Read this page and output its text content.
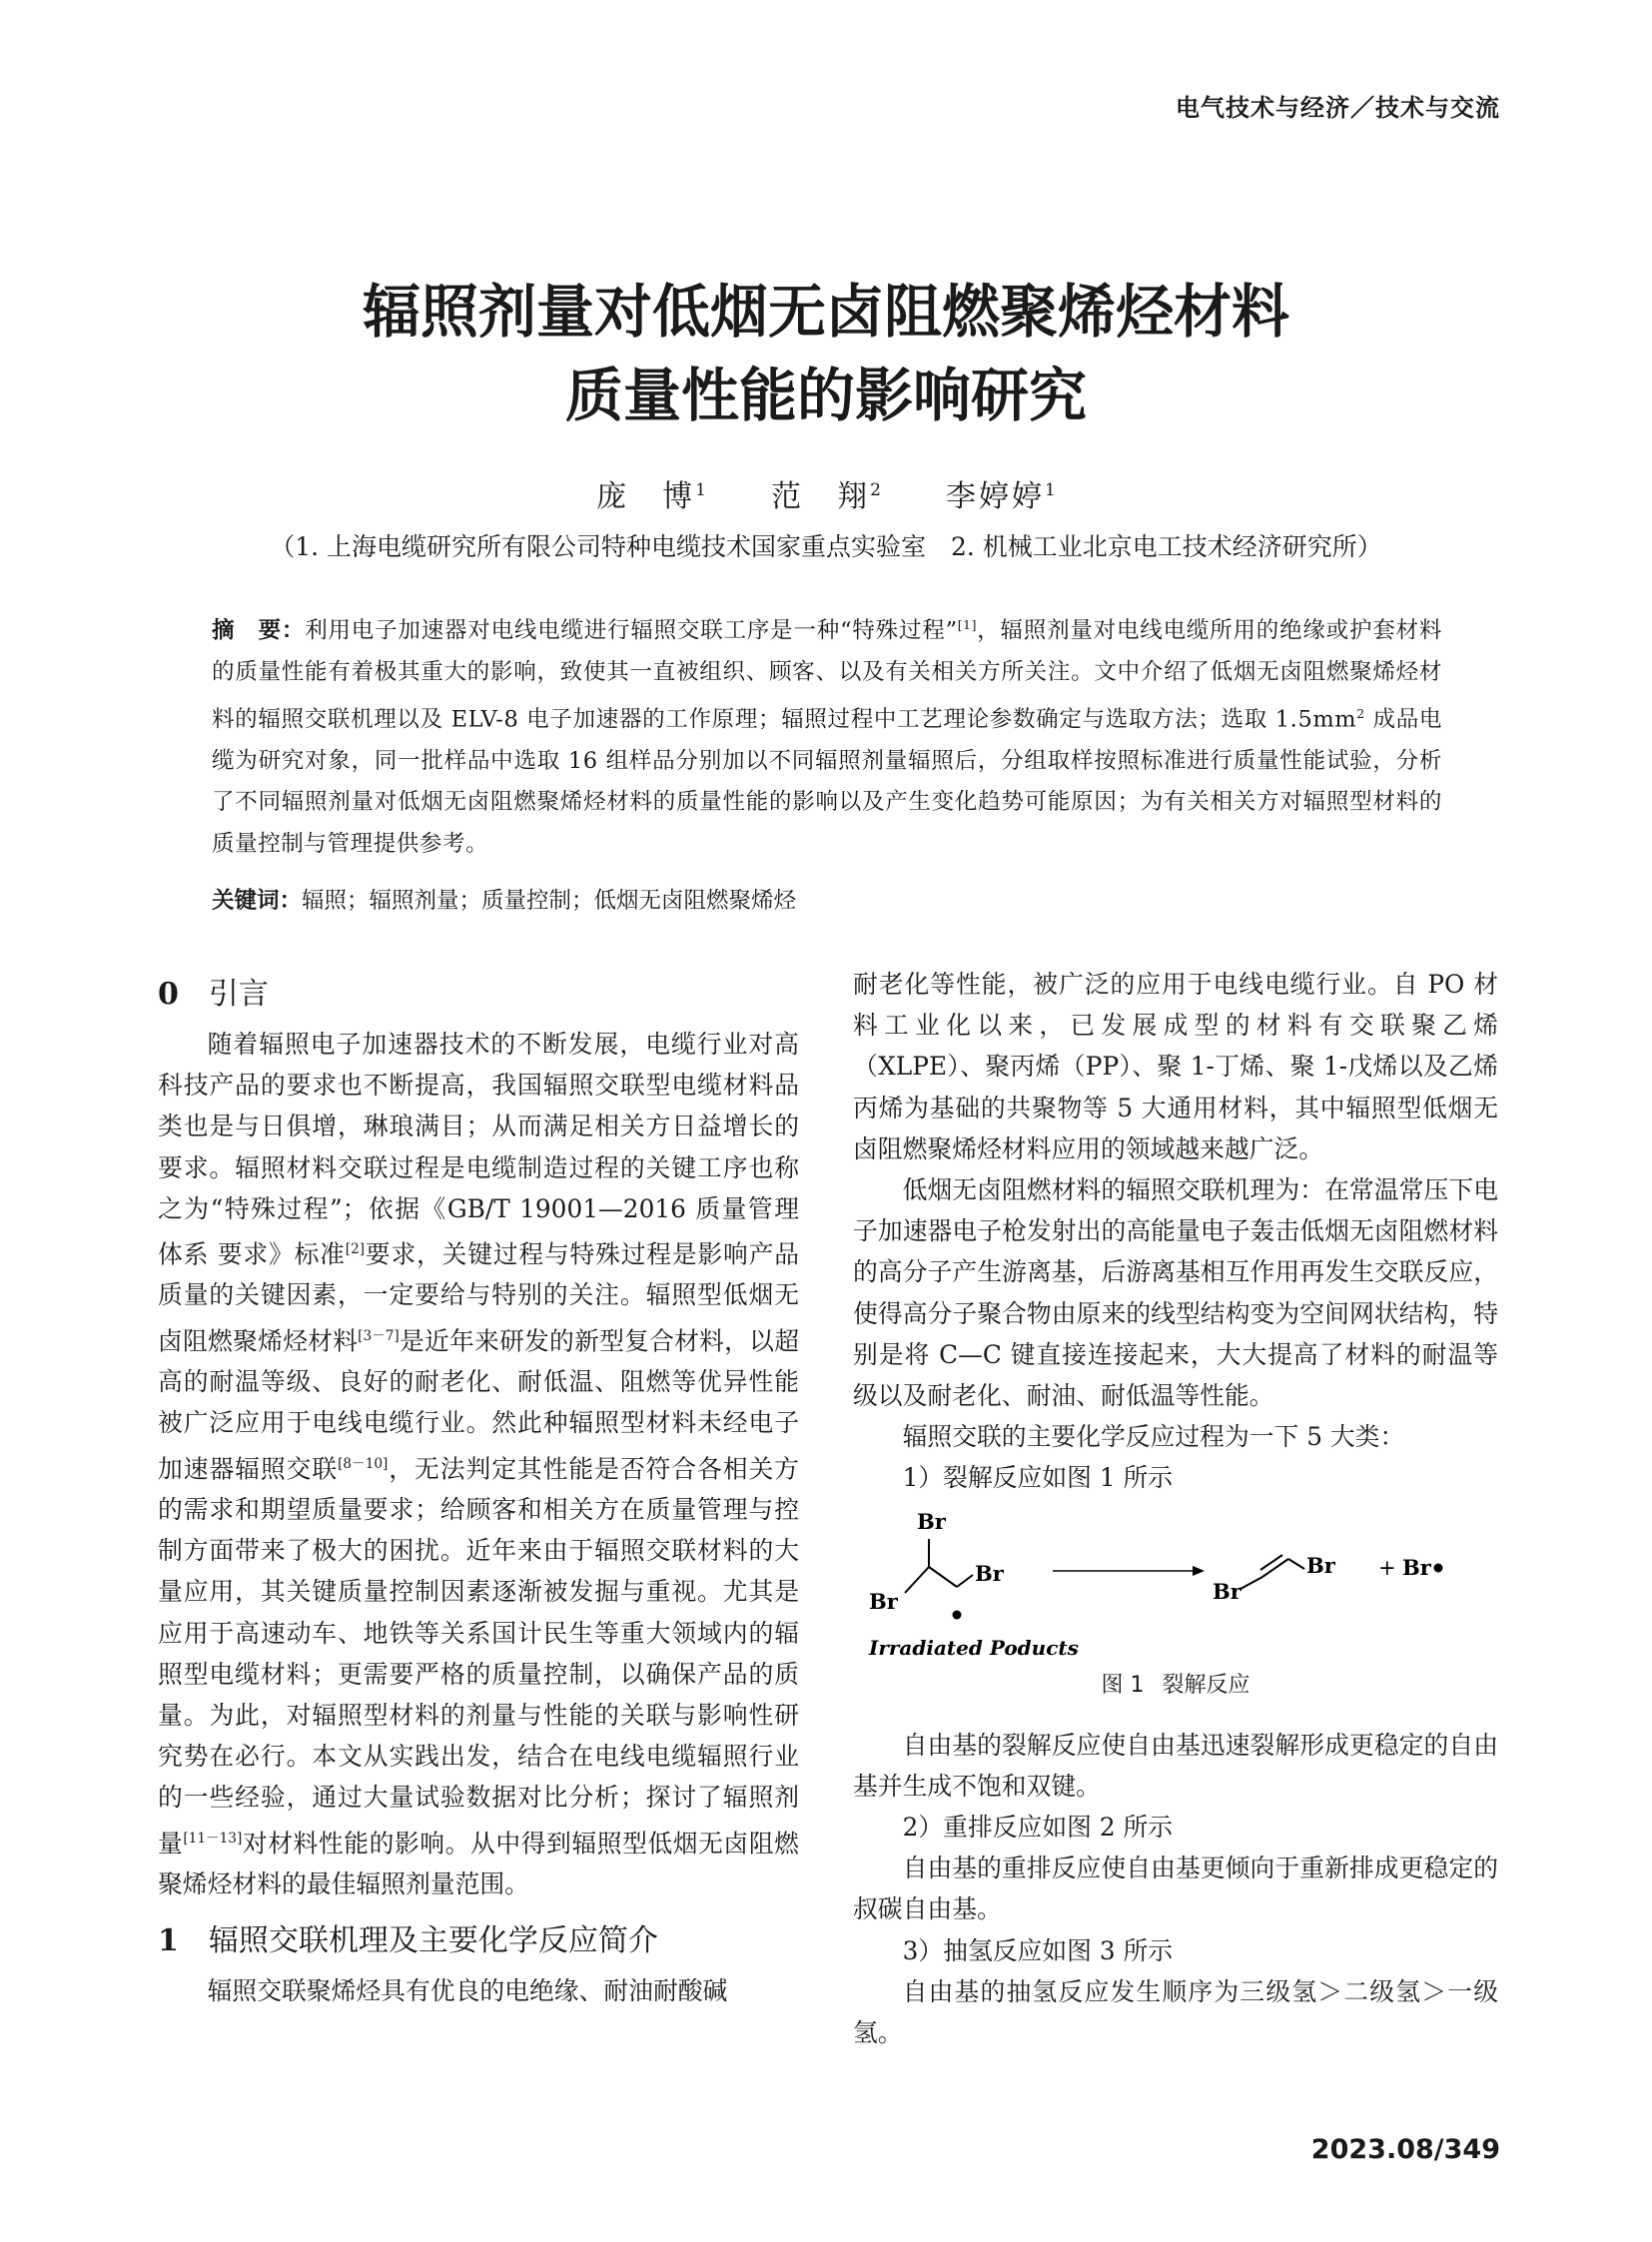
电气技术与经济／技术与交流
辐照剂量对低烟无卤阻燃聚烯烃材料
质量性能的影响研究
庞　博$^1$ 范　翔$^2$ 李婷婷$^1$
（1. 上海电缆研究所有限公司特种电缆技术国家重点实验室　2. 机械工业北京电工技术经济研究所）
摘　要：利用电子加速器对电线电缆进行辐照交联工序是一种“特殊过程”[1]，辐照剂量对电线电缆所用的绝缘或护套材料的质量性能有着极其重大的影响，致使其一直被组织、顾客、以及有关相关方所关注。文中介绍了低烟无卤阻燃聚烯烃材料的辐照交联机理以及 ELV-8 电子加速器的工作原理；辐照过程中工艺理论参数确定与选取方法；选取 $1.5mm^2$ 成品电缆为研究对象，同一批样品中选取 16 组样品分别加以不同辐照剂量辐照后，分组取样按照标准进行质量性能试验，分析了不同辐照剂量对低烟无卤阻燃聚烯烃材料的质量性能的影响以及产生变化趋势可能原因；为有关相关方对辐照型材料的质量控制与管理提供参考。
关键词：辐照；辐照剂量；质量控制；低烟无卤阻燃聚烯烃
0 引言

随着辐照电子加速器技术的不断发展，电缆行业对高科技产品的要求也不断提高，我国辐照交联型电缆材料品类也是与日俱增，琳琅满目；从而满足相关方日益增长的要求。辐照材料交联过程是电缆制造过程的关键工序也称之为“特殊过程”；依据《GB/T 19001—2016 质量管理体系 要求》标准[2]要求，关键过程与特殊过程是影响产品质量的关键因素，一定要给与特别的关注。辐照型低烟无卤阻燃聚烯烃材料[3－7]是近年来研发的新型复合材料，以超高的耐温等级、良好的耐老化、耐低温、阻燃等优异性能被广泛应用于电线电缆行业。然此种辐照型材料未经电子加速器辐照交联[8－10]，无法判定其性能是否符合各相关方的需求和期望质量要求；给顾客和相关方在质量管理与控制方面带来了极大的困扰。近年来由于辐照交联材料的大量应用，其关键质量控制因素逐渐被发掘与重视。尤其是应用于高速动车、地铁等关系国计民生等重大领域内的辐照型电缆材料；更需要严格的质量控制，以确保产品的质量。为此，对辐照型材料的剂量与性能的关联与影响性研究势在必行。本文从实践出发，结合在电线电缆辐照行业的一些经验，通过大量试验数据对比分析；探讨了辐照剂量[11－13]对材料性能的影响。从中得到辐照型低烟无卤阻燃聚烯烃材料的最佳辐照剂量范围。

1 辐照交联机理及主要化学反应简介

辐照交联聚烯烃具有优良的电绝缘、耐油耐酸碱

耐老化等性能，被广泛的应用于电线电缆行业。自 PO 材料工业化以来，已发展成型的材料有交联聚乙烯（XLPE）、聚丙烯（PP）、聚 1-丁烯、聚 1-戊烯以及乙烯丙烯为基础的共聚物等 5 大通用材料，其中辐照型低烟无卤阻燃聚烯烃材料应用的领域越来越广泛。

低烟无卤阻燃材料的辐照交联机理为：在常温常压下电子加速器电子枪发射出的高能量电子轰击低烟无卤阻燃材料的高分子产生游离基，后游离基相互作用再发生交联反应，使得高分子聚合物由原来的线型结构变为空间网状结构，特别是将 C—C 键直接连接起来，大大提高了材料的耐温等级以及耐老化、耐油、耐低温等性能。

辐照交联的主要化学反应过程为一下 5 大类：

1）裂解反应如图 1 所示

Br
Br
Br	Br
Br + Br
Irradiated Poducts
图 1 裂解反应

自由基的裂解反应使自由基迅速裂解形成更稳定的自由基并生成不饱和双键。

2）重排反应如图 2 所示

自由基的重排反应使自由基更倾向于重新排成更稳定的叔碳自由基。

3）抽氢反应如图 3 所示

自由基的抽氢反应发生顺序为三级氢＞二级氢＞一级氢。

2023.08/349
